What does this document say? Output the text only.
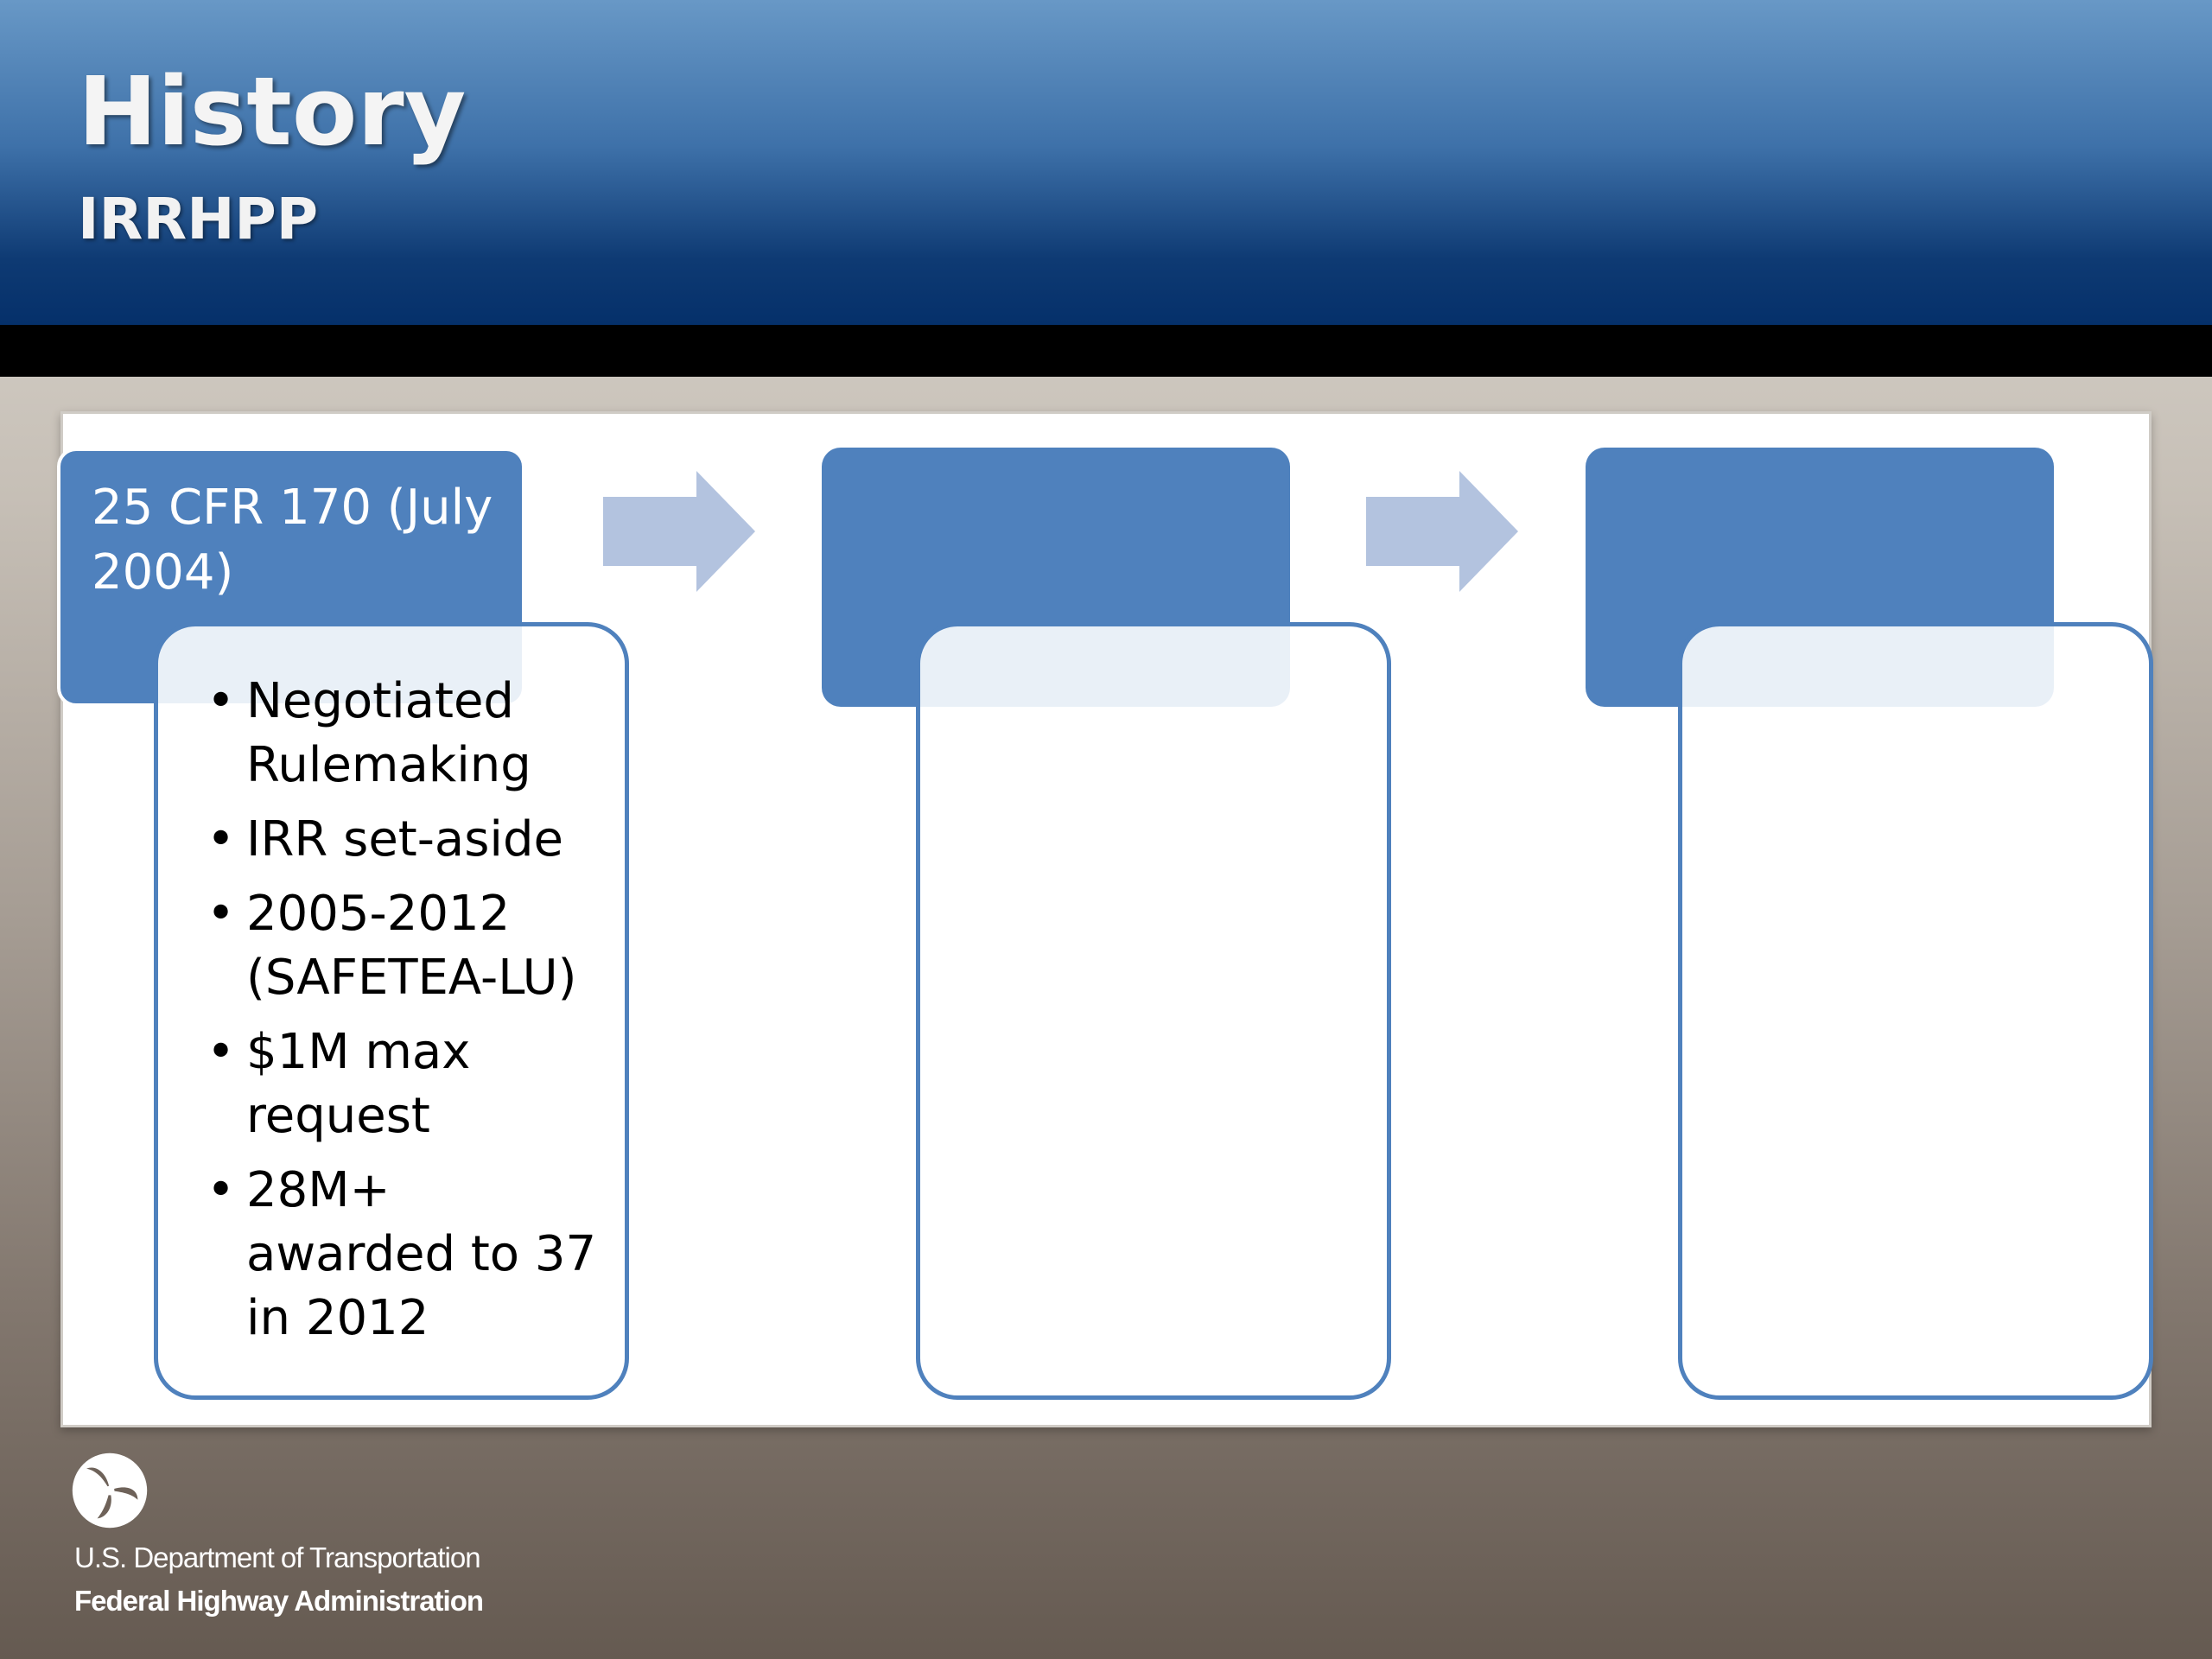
History
IRRHPP
25 CFR 170 (July 2004)
• Negotiated Rulemaking
• IRR set-aside
• 2005-2012 (SAFETEA-LU)
• $1M max request
• 28M+ awarded to 37 in 2012

U.S. Department of Transportation

Federal Highway Administration
